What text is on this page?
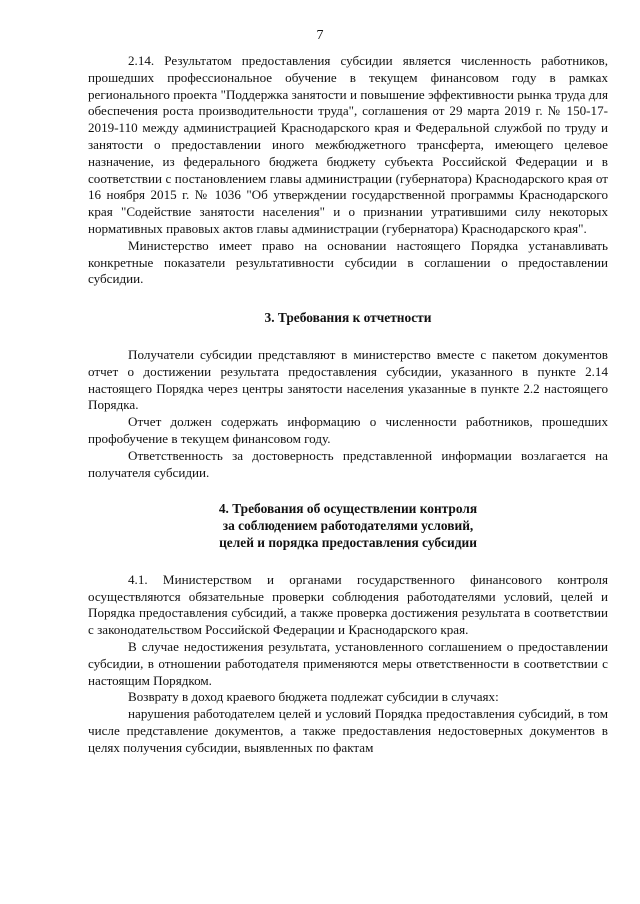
7

2.14. Результатом предоставления субсидии является численность работников, прошедших профессиональное обучение в текущем финансовом году в рамках регионального проекта "Поддержка занятости и повышение эффективности рынка труда для обеспечения роста производительности труда", соглашения от 29 марта 2019 г. № 150-17-2019-110 между администрацией Краснодарского края и Федеральной службой по труду и занятости о предоставлении иного межбюджетного трансферта, имеющего целевое назначение, из федерального бюджета бюджету субъекта Российской Федерации и в соответствии с постановлением главы администрации (губернатора) Краснодарского края от 16 ноября 2015 г. № 1036 "Об утверждении государственной программы Краснодарского края "Содействие занятости населения" и о признании утратившими силу некоторых нормативных правовых актов главы администрации (губернатора) Краснодарского края".

Министерство имеет право на основании настоящего Порядка устанавливать конкретные показатели результативности субсидии в соглашении о предоставлении субсидии.

3. Требования к отчетности

Получатели субсидии представляют в министерство вместе с пакетом документов отчет о достижении результата предоставления субсидии, указанного в пункте 2.14 настоящего Порядка через центры занятости населения указанные в пункте 2.2 настоящего Порядка.

Отчет должен содержать информацию о численности работников, прошедших профобучение в текущем финансовом году.

Ответственность за достоверность представленной информации возлагается на получателя субсидии.

4. Требования об осуществлении контроля
за соблюдением работодателями условий,
целей и порядка предоставления субсидии

4.1. Министерством и органами государственного финансового контроля осуществляются обязательные проверки соблюдения работодателями условий, целей и Порядка предоставления субсидий, а также проверка достижения результата в соответствии с законодательством Российской Федерации и Краснодарского края.

В случае недостижения результата, установленного соглашением о предоставлении субсидии, в отношении работодателя применяются меры ответственности в соответствии с настоящим Порядком.

Возврату в доход краевого бюджета подлежат субсидии в случаях:

нарушения работодателем целей и условий Порядка предоставления субсидий, в том числе представление документов, а также предоставления недостоверных документов в целях получения субсидии, выявленных по фактам
